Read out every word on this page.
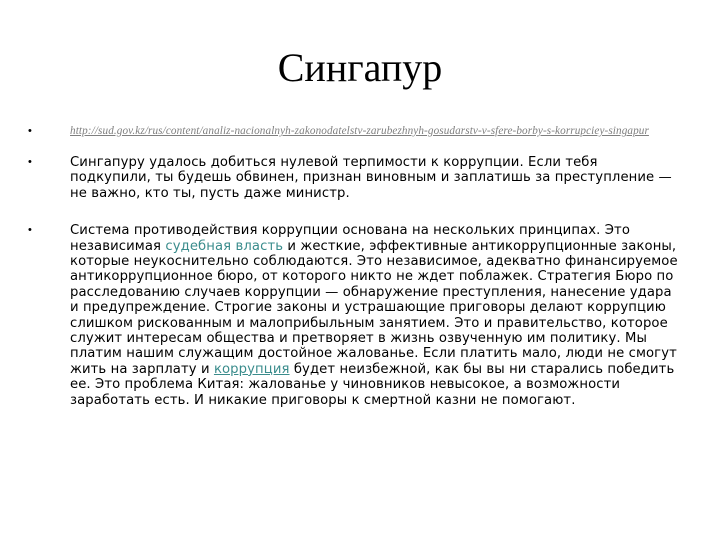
Сингапур
•	http://sud.gov.kz/rus/content/analiz-nacionalnyh-zakonodatelstv-zarubezhnyh-gosudarstv-v-sfere-borby-s-korrupciey-singapur
•	Сингапуру удалось добиться нулевой терпимости к коррупции. Если тебя подкупили, ты будешь обвинен, признан виновным и заплатишь за преступление — не важно, кто ты, пусть даже министр.
•	Система противодействия коррупции основана на нескольких принципах. Это независимая судебная власть и жесткие, эффективные антикоррупционные законы, которые неукоснительно соблюдаются. Это независимое, адекватно финансируемое антикоррупционное бюро, от которого никто не ждет поблажек. Стратегия Бюро по расследованию случаев коррупции — обнаружение преступления, нанесение удара и предупреждение. Строгие законы и устрашающие приговоры делают коррупцию слишком рискованным и малоприбыльным занятием. Это и правительство, которое служит интересам общества и претворяет в жизнь озвученную им политику. Мы платим нашим служащим достойное жалованье. Если платить мало, люди не смогут жить на зарплату и коррупция будет неизбежной, как бы вы ни старались победить ее. Это проблема Китая: жалованье у чиновников невысокое, а возможности заработать есть. И никакие приговоры к смертной казни не помогают.
